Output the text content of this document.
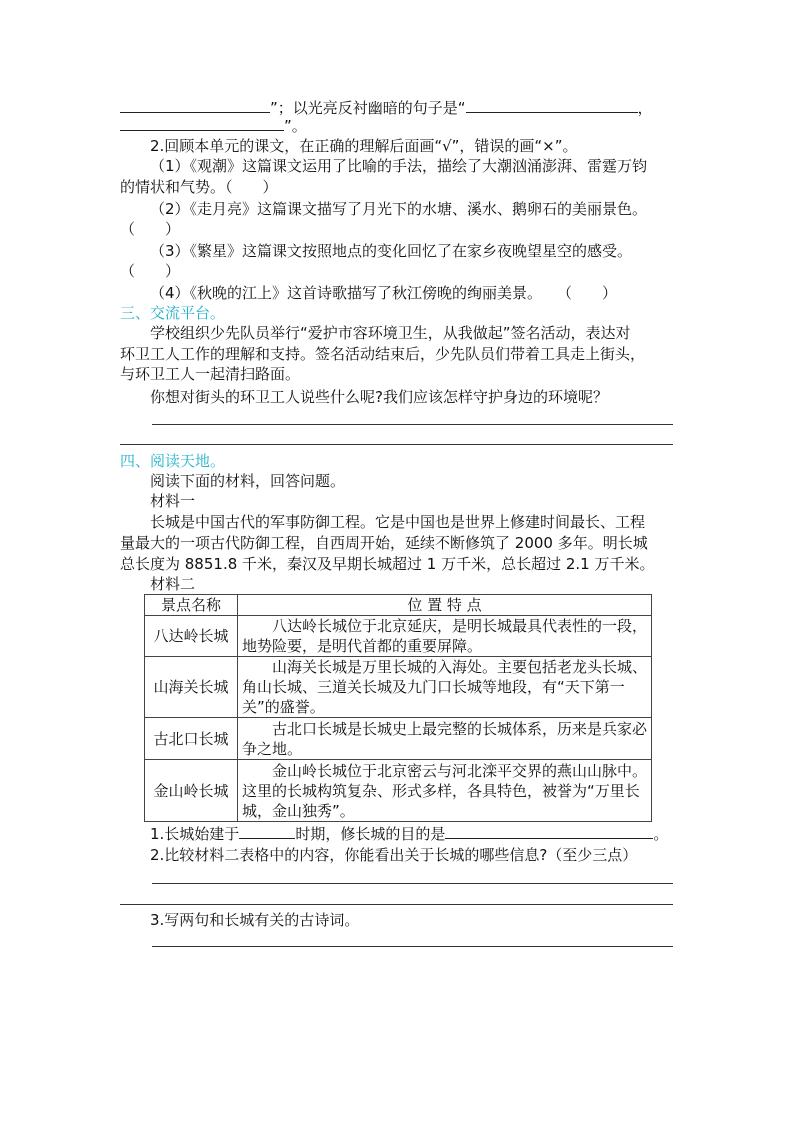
”；以光亮反衬幽暗的句子是“	，
”。
2.回顾本单元的课文，在正确的理解后面画“√”，错误的画“×”。
（1）《观潮》这篇课文运用了比喻的手法，描绘了大潮汹涌澎湃、雷霆万钧
的情状和气势。（　　）
（2）《走月亮》这篇课文描写了月光下的水塘、溪水、鹅卵石的美丽景色。
（　　）
（3）《繁星》这篇课文按照地点的变化回忆了在家乡夜晚望星空的感受。
（　　）
（4）《秋晚的江上》这首诗歌描写了秋江傍晚的绚丽美景。　　（　　）
三、交流平台。
学校组织少先队员举行“爱护市容环境卫生，从我做起”签名活动，表达对
环卫工人工作的理解和支持。签名活动结束后，少先队员们带着工具走上街头，
与环卫工人一起清扫路面。
你想对街头的环卫工人说些什么呢?我们应该怎样守护身边的环境呢？
四、阅读天地。
阅读下面的材料，回答问题。
材料一
长城是中国古代的军事防御工程。它是中国也是世界上修建时间最长、工程
量最大的一项古代防御工程，自西周开始，延续不断修筑了 2000 多年。明长城
总长度为 8851.8 千米，秦汉及早期长城超过 1 万千米，总长超过 2.1 万千米。
材料二
景点名称	位 置 特 点
八达岭长城	八达岭长城位于北京延庆，是明长城最具代表性的一段，地势险要，是明代首都的重要屏障。
山海关长城	山海关长城是万里长城的入海处。主要包括老龙头长城、角山长城、三道关长城及九门口长城等地段，有“天下第一关”的盛誉。
古北口长城	古北口长城是长城史上最完整的长城体系，历来是兵家必争之地。
金山岭长城	金山岭长城位于北京密云与河北滦平交界的燕山山脉中。这里的长城构筑复杂、形式多样，各具特色，被誉为“万里长城，金山独秀”。
1.长城始建于	时期，修长城的目的是	。
2.比较材料二表格中的内容，你能看出关于长城的哪些信息?（至少三点）
3.写两句和长城有关的古诗词。
